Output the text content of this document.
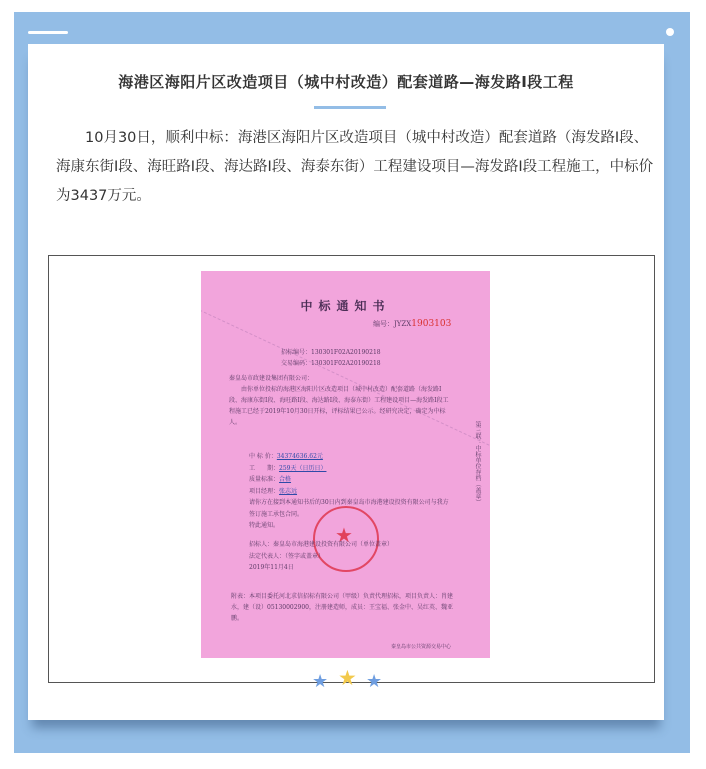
海港区海阳片区改造项目（城中村改造）配套道路—海发路I段工程

10月30日，顺利中标：海港区海阳片区改造项目（城中村改造）配套道路（海发路I段、海康东街I段、海旺路I段、海达路I段、海泰东街）工程建设项目—海发路I段工程施工，中标价为3437万元。

中标通知书
编号：JYZX1903103
招标编号：130301F02A20190218
交易编码：130301F02A20190218

秦皇岛市政建设集团有限公司：

由你单位投标的海港区海阳片区改造项目（城中村改造）配套道路（海发路I段、海康东街I段、海旺路I段、海达路I段、海泰东街）工程建设项目—海发路I段工程施工已经于2019年10月30日开标，评标结果已公示。经研究决定，确定为中标人。

中 标 价：34374636.62元
工　　期：259天（日历日）
质量标准：合格
项目经理：张志远
请你方在接到本通知书后的30日内到秦皇岛市海港建设投资有限公司与我方签订施工承包合同。
特此通知。	★
招标人：秦皇岛市海港建设投资有限公司（单位盖章）
法定代表人：（签字或盖章）
2019年11月4日
附表：本项目委托河北求信招标有限公司（甲级）负责代理招标，项目负责人：肖建水，建（设）05130002900，注册建造师，成员：王宝福、张金中、吴红英、魏亚鹏。
秦皇岛市公共资源交易中心
第三联：中标单位存档（盖章）
★ ★ ★
